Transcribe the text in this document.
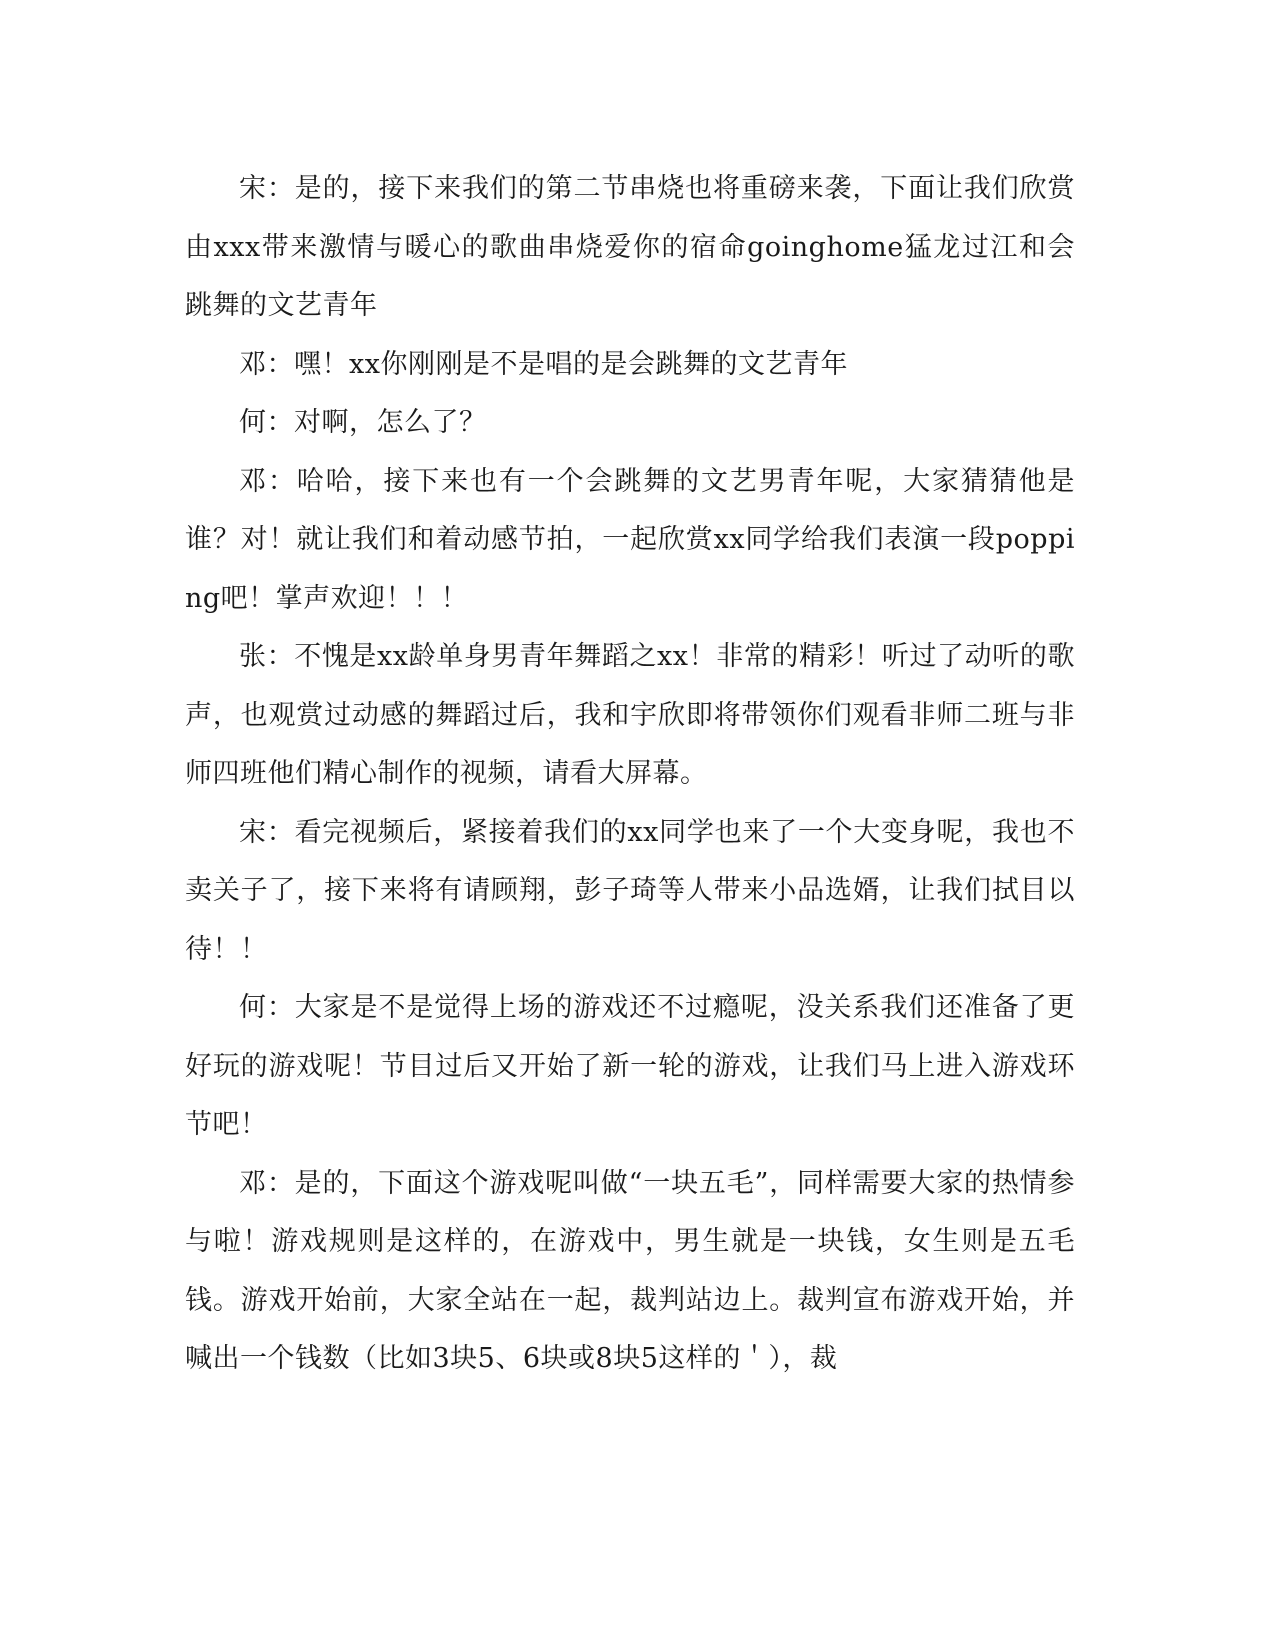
宋：是的，接下来我们的第二节串烧也将重磅来袭，下面让我们欣赏由xxx带来激情与暖心的歌曲串烧爱你的宿命goinghome猛龙过江和会跳舞的文艺青年

邓：嘿！xx你刚刚是不是唱的是会跳舞的文艺青年

何：对啊，怎么了？

邓：哈哈，接下来也有一个会跳舞的文艺男青年呢，大家猜猜他是谁？对！就让我们和着动感节拍，一起欣赏xx同学给我们表演一段popping吧！掌声欢迎！！！

张：不愧是xx龄单身男青年舞蹈之xx！非常的精彩！听过了动听的歌声，也观赏过动感的舞蹈过后，我和宇欣即将带领你们观看非师二班与非师四班他们精心制作的视频，请看大屏幕。

宋：看完视频后，紧接着我们的xx同学也来了一个大变身呢，我也不卖关子了，接下来将有请顾翔，彭子琦等人带来小品选婿，让我们拭目以待！！

何：大家是不是觉得上场的游戏还不过瘾呢，没关系我们还准备了更好玩的游戏呢！节目过后又开始了新一轮的游戏，让我们马上进入游戏环节吧！

邓：是的，下面这个游戏呢叫做“一块五毛”，同样需要大家的热情参与啦！游戏规则是这样的，在游戏中，男生就是一块钱，女生则是五毛钱。游戏开始前，大家全站在一起，裁判站边上。裁判宣布游戏开始，并喊出一个钱数（比如3块5、6块或8块5这样的＇），裁
